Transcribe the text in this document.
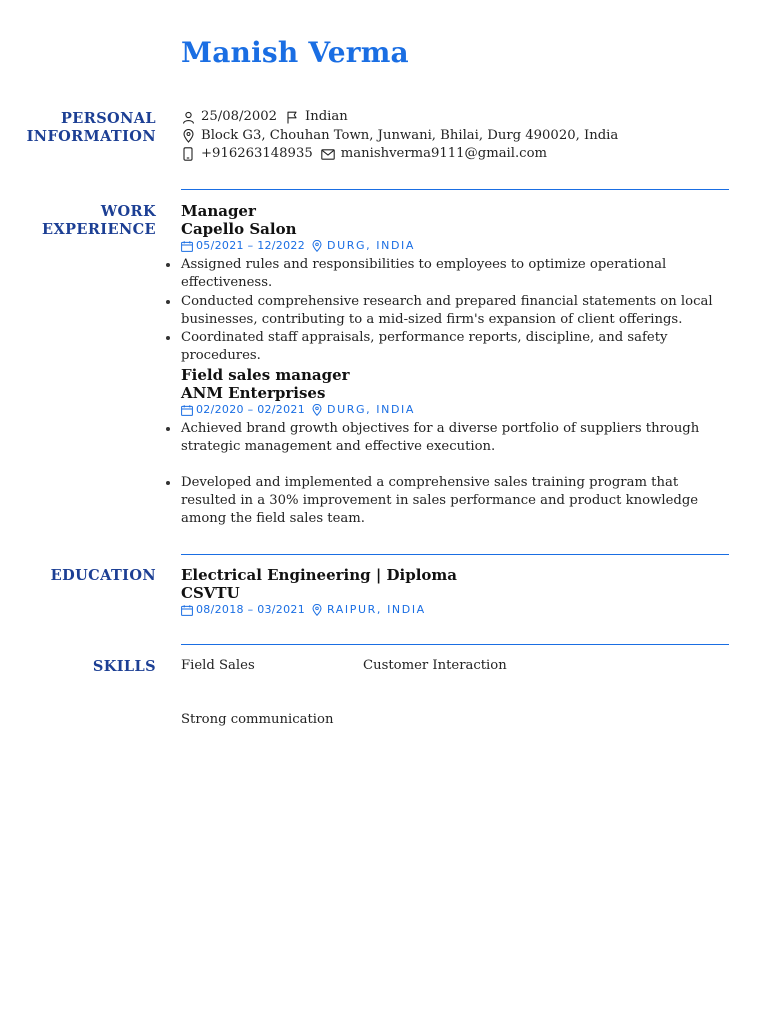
Manish Verma
PERSONAL
INFORMATION
25/08/2002 Indian
Block G3, Chouhan Town, Junwani, Bhilai, Durg 490020, India
+916263148935 manishverma9111@gmail.com
WORK
EXPERIENCE
Manager
Capello Salon
05/2021 – 12/2022 DURG, INDIA
Assigned rules and responsibilities to employees to optimize operational effectiveness.
Conducted comprehensive research and prepared financial statements on local businesses, contributing to a mid-sized firm's expansion of client offerings.
Coordinated staff appraisals, performance reports, discipline, and safety procedures.
Field sales manager
ANM Enterprises
02/2020 – 02/2021 DURG, INDIA
Achieved brand growth objectives for a diverse portfolio of suppliers through strategic management and effective execution.
Developed and implemented a comprehensive sales training program that resulted in a 30% improvement in sales performance and product knowledge among the field sales team.
EDUCATION Electrical Engineering | Diploma
CSVTU
08/2018 – 03/2021 RAIPUR, INDIA
SKILLS Field Sales	Customer Interaction
Strong communication
